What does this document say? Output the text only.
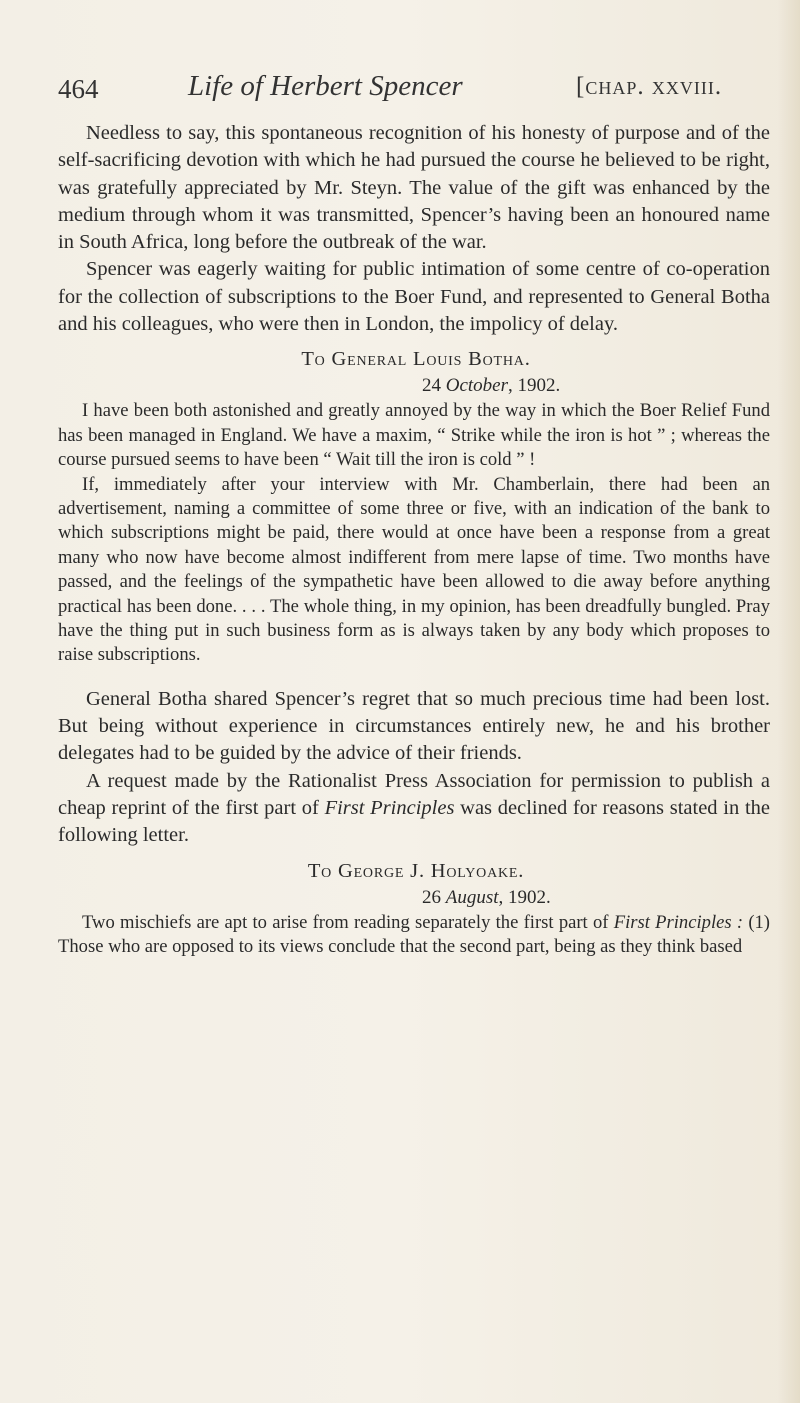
464	Life of Herbert Spencer	[chap. xxviii.

Needless to say, this spontaneous recognition of his honesty of purpose and of the self-sacrificing devotion with which he had pursued the course he believed to be right, was gratefully appreciated by Mr. Steyn. The value of the gift was enhanced by the medium through whom it was transmitted, Spencer’s having been an honoured name in South Africa, long before the outbreak of the war.

Spencer was eagerly waiting for public intimation of some centre of co-operation for the collection of subscriptions to the Boer Fund, and represented to General Botha and his colleagues, who were then in London, the impolicy of delay.

To General Louis Botha.
24 October, 1902.

I have been both astonished and greatly annoyed by the way in which the Boer Relief Fund has been managed in England. We have a maxim, “ Strike while the iron is hot ” ; whereas the course pursued seems to have been “ Wait till the iron is cold ” !

If, immediately after your interview with Mr. Chamberlain, there had been an advertisement, naming a committee of some three or five, with an indication of the bank to which subscriptions might be paid, there would at once have been a response from a great many who now have become almost indifferent from mere lapse of time. Two months have passed, and the feelings of the sympathetic have been allowed to die away before anything practical has been done. . . . The whole thing, in my opinion, has been dreadfully bungled. Pray have the thing put in such business form as is always taken by any body which proposes to raise subscriptions.

General Botha shared Spencer’s regret that so much precious time had been lost. But being without experience in circumstances entirely new, he and his brother delegates had to be guided by the advice of their friends.

A request made by the Rationalist Press Association for permission to publish a cheap reprint of the first part of First Principles was declined for reasons stated in the following letter.

To George J. Holyoake.
26 August, 1902.

Two mischiefs are apt to arise from reading separately the first part of First Principles : (1) Those who are opposed to its views conclude that the second part, being as they think based
